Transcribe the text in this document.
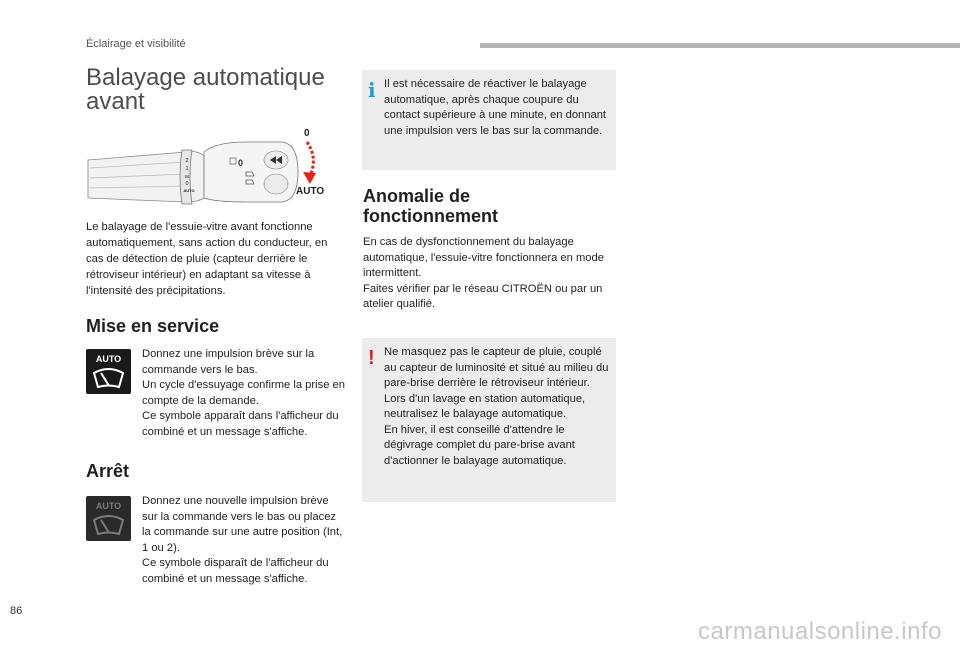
Éclairage et visibilité
Balayage automatique
avant
2
1
Int
0
AUTO
0
0
AUTO
Le balayage de l'essuie-vitre avant fonctionne automatiquement, sans action du conducteur, en cas de détection de pluie (capteur derrière le rétroviseur intérieur) en adaptant sa vitesse à l'intensité des précipitations.
Mise en service
AUTO Donnez une impulsion brève sur la commande vers le bas.
Un cycle d'essuyage confirme la prise en compte de la demande.
Ce symbole apparaît dans l'afficheur du combiné et un message s'affiche.
Arrêt
AUTO Donnez une nouvelle impulsion brève sur la commande vers le bas ou placez la commande sur une autre position (Int, 1 ou 2).
Ce symbole disparaît de l'afficheur du combiné et un message s'affiche.
i Il est nécessaire de réactiver le balayage automatique, après chaque coupure du contact supérieure à une minute, en donnant une impulsion vers le bas sur la commande.
Anomalie de fonctionnement
En cas de dysfonctionnement du balayage automatique, l'essuie-vitre fonctionnera en mode intermittent.
Faites vérifier par le réseau CITROËN ou par un atelier qualifié.
! Ne masquez pas le capteur de pluie, couplé au capteur de luminosité et situé au milieu du pare-brise derrière le rétroviseur intérieur.
Lors d'un lavage en station automatique, neutralisez le balayage automatique.
En hiver, il est conseillé d'attendre le dégivrage complet du pare-brise avant d'actionner le balayage automatique.
86
carmanualsonline.info
